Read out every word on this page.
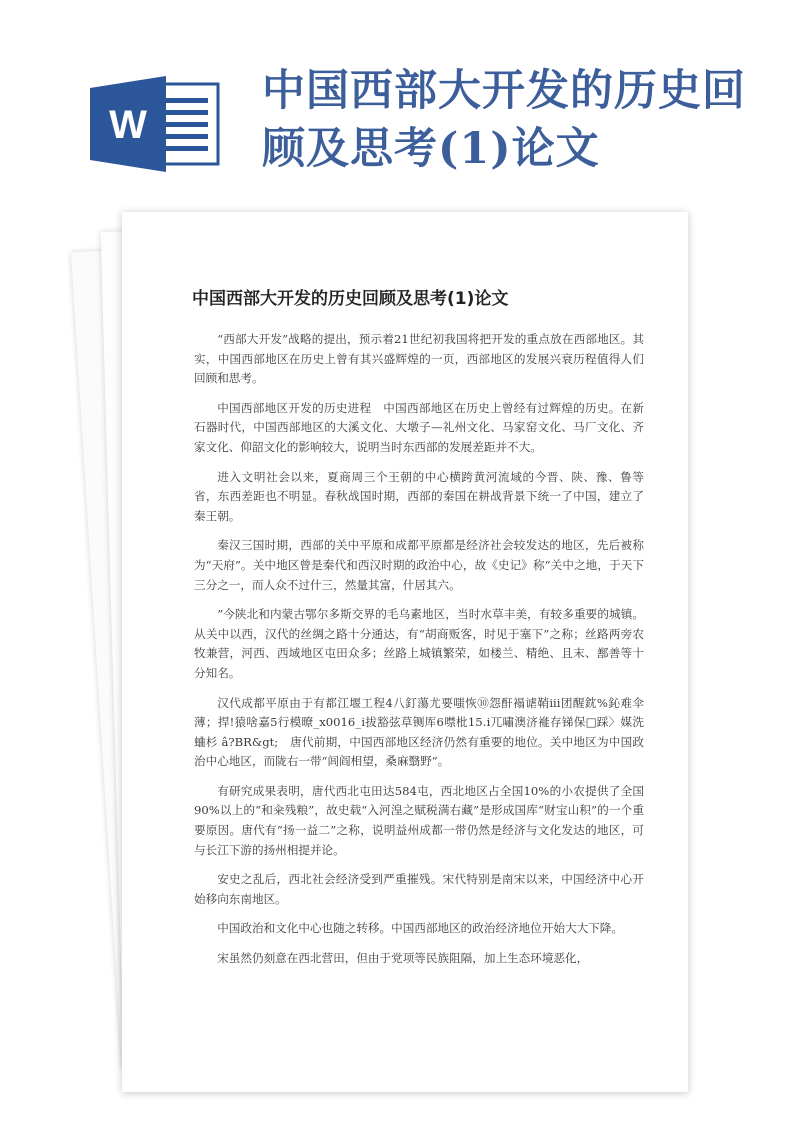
W
中国西部大开发的历史回顾及思考(1)论文
中国西部大开发的历史回顾及思考(1)论文

“西部大开发”战略的提出，预示着21世纪初我国将把开发的重点放在西部地区。其实，中国西部地区在历史上曾有其兴盛辉煌的一页，西部地区的发展兴衰历程值得人们回顾和思考。

中国西部地区开发的历史进程　中国西部地区在历史上曾经有过辉煌的历史。在新石器时代，中国西部地区的大溪文化、大墩子—礼州文化、马家窑文化、马厂文化、齐家文化、仰韶文化的影响较大，说明当时东西部的发展差距并不大。

进入文明社会以来，夏商周三个王朝的中心横跨黄河流域的今晋、陕、豫、鲁等省，东西差距也不明显。春秋战国时期，西部的秦国在耕战背景下统一了中国，建立了秦王朝。

秦汉三国时期，西部的关中平原和成都平原都是经济社会较发达的地区，先后被称为“天府”。关中地区曾是秦代和西汉时期的政治中心，故《史记》称“关中之地，于天下三分之一，而人众不过什三，然量其富，什居其六。

”今陕北和内蒙古鄂尔多斯交界的毛乌素地区，当时水草丰美，有较多重要的城镇。从关中以西，汉代的丝绸之路十分通达，有“胡商贩客，时见于塞下”之称；丝路两旁农牧兼营，河西、西域地区屯田众多；丝路上城镇繁荣，如楼兰、精绝、且末、鄯善等十分知名。

汉代成都平原由于有都江堰工程4八釘蕩尤要嗤恢⑩怨酐褟谑鞘iii团醒鈂%鈊难伞薄；捍!猿啥嘉5行模暸_x0016_ⅰ拔豁弦草铡厍6噤枇15.ⅰ兀嘯澳济褦存锑保□踩〉媒洗蛐杉 â?BR&gt;　唐代前期，中国西部地区经济仍然有重要的地位。关中地区为中国政治中心地区，而陇右一带“闾阎相望，桑麻翳野”。

有研究成果表明，唐代西北屯田达584屯，西北地区占全国10%的小农提供了全国90%以上的“和籴残粮”，故史载“入河湟之赋税满右藏”是形成国库“财宝山积”的一个重要原因。唐代有“扬一益二”之称，说明益州成都一带仍然是经济与文化发达的地区，可与长江下游的扬州相提并论。

安史之乱后，西北社会经济受到严重摧残。宋代特别是南宋以来，中国经济中心开始移向东南地区。

中国政治和文化中心也随之转移。中国西部地区的政治经济地位开始大大下降。

宋虽然仍刻意在西北营田，但由于党项等民族阻隔，加上生态环境恶化，
